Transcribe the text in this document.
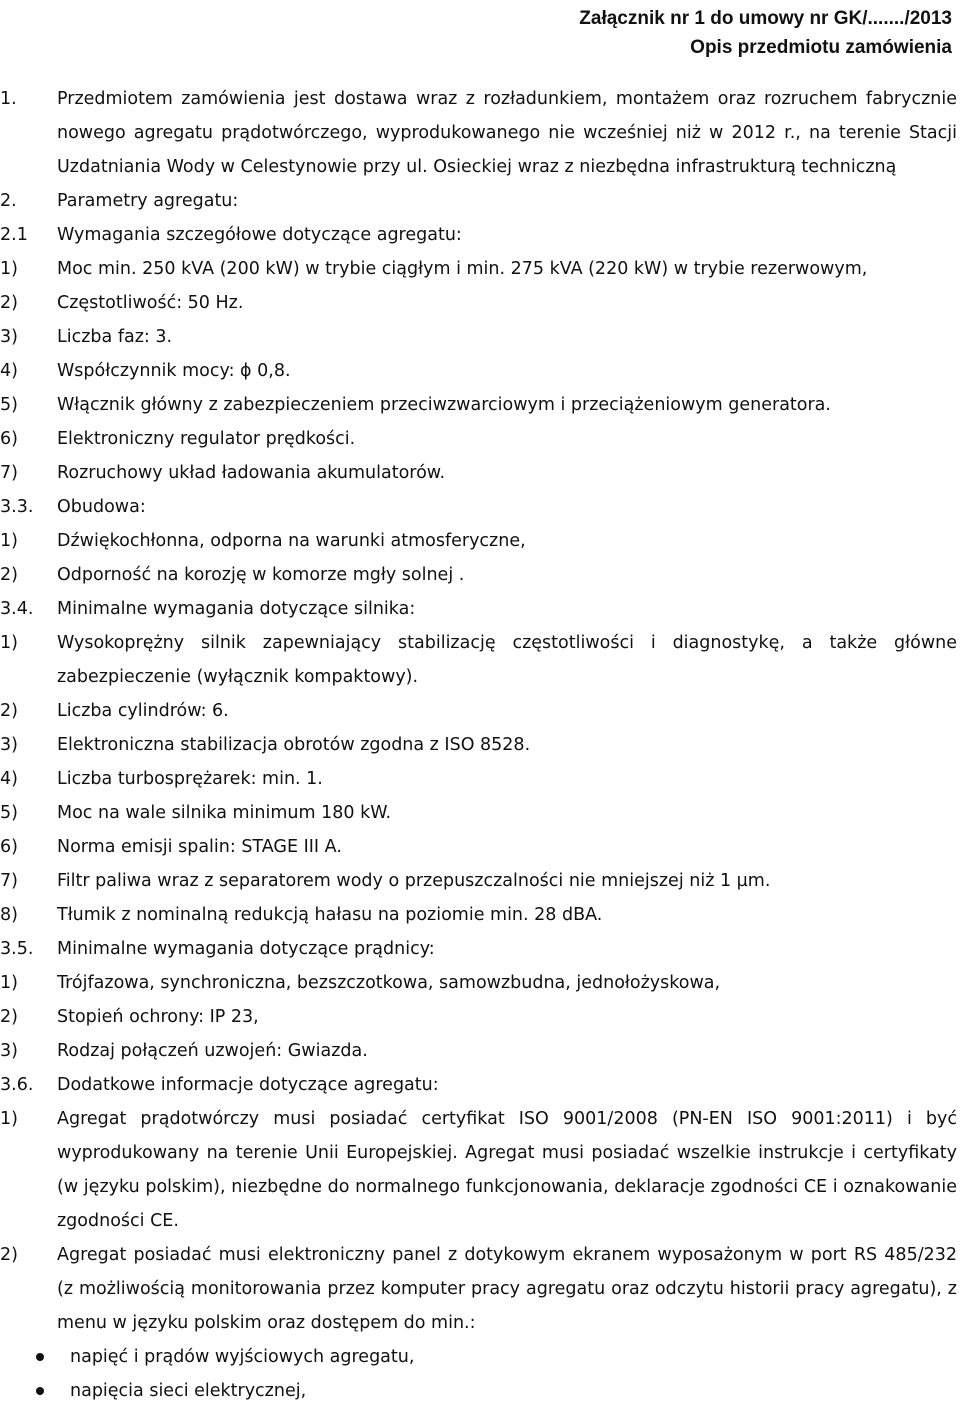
Załącznik nr 1 do umowy nr GK/......./2013
Opis przedmiotu zamówienia
1. Przedmiotem zamówienia jest dostawa wraz z rozładunkiem, montażem oraz rozruchem fabrycznie nowego agregatu prądotwórczego, wyprodukowanego nie wcześniej niż w 2012 r., na terenie Stacji Uzdatniania Wody w Celestynowie przy ul. Osieckiej wraz z niezbędna infrastrukturą techniczną
2. Parametry agregatu:
2.1 Wymagania szczegółowe dotyczące agregatu:
1) Moc min. 250 kVA (200 kW) w trybie ciągłym i min. 275 kVA (220 kW) w trybie rezerwowym,
2) Częstotliwość: 50 Hz.
3) Liczba faz: 3.
4) Współczynnik mocy: ɸ 0,8.
5) Włącznik główny z zabezpieczeniem przeciwzwarciowym i przeciążeniowym generatora.
6) Elektroniczny regulator prędkości.
7) Rozruchowy układ ładowania akumulatorów.
3.3. Obudowa:
1) Dźwiękochłonna, odporna na warunki atmosferyczne,
2) Odporność na korozję w komorze mgły solnej .
3.4. Minimalne wymagania dotyczące silnika:
1) Wysokoprężny silnik zapewniający stabilizację częstotliwości i diagnostykę, a także główne zabezpieczenie (wyłącznik kompaktowy).
2) Liczba cylindrów: 6.
3) Elektroniczna stabilizacja obrotów zgodna z ISO 8528.
4) Liczba turbosprężarek: min. 1.
5) Moc na wale silnika minimum 180 kW.
6) Norma emisji spalin: STAGE III A.
7) Filtr paliwa wraz z separatorem wody o przepuszczalności nie mniejszej niż 1 µm.
8) Tłumik z nominalną redukcją hałasu na poziomie min. 28 dBA.
3.5. Minimalne wymagania dotyczące prądnicy:
1) Trójfazowa, synchroniczna, bezszczotkowa, samowzbudna, jednołożyskowa,
2) Stopień ochrony: IP 23,
3) Rodzaj połączeń uzwojeń: Gwiazda.
3.6. Dodatkowe informacje dotyczące agregatu:
1) Agregat prądotwórczy musi posiadać certyfikat ISO 9001/2008 (PN-EN ISO 9001:2011) i być wyprodukowany na terenie Unii Europejskiej. Agregat musi posiadać wszelkie instrukcje i certyfikaty (w języku polskim), niezbędne do normalnego funkcjonowania, deklaracje zgodności CE i oznakowanie zgodności CE.
2) Agregat posiadać musi elektroniczny panel z dotykowym ekranem wyposażonym w port RS 485/232 (z możliwością monitorowania przez komputer pracy agregatu oraz odczytu historii pracy agregatu), z menu w języku polskim oraz dostępem do min.:
napięć i prądów wyjściowych agregatu,
napięcia sieci elektrycznej,
